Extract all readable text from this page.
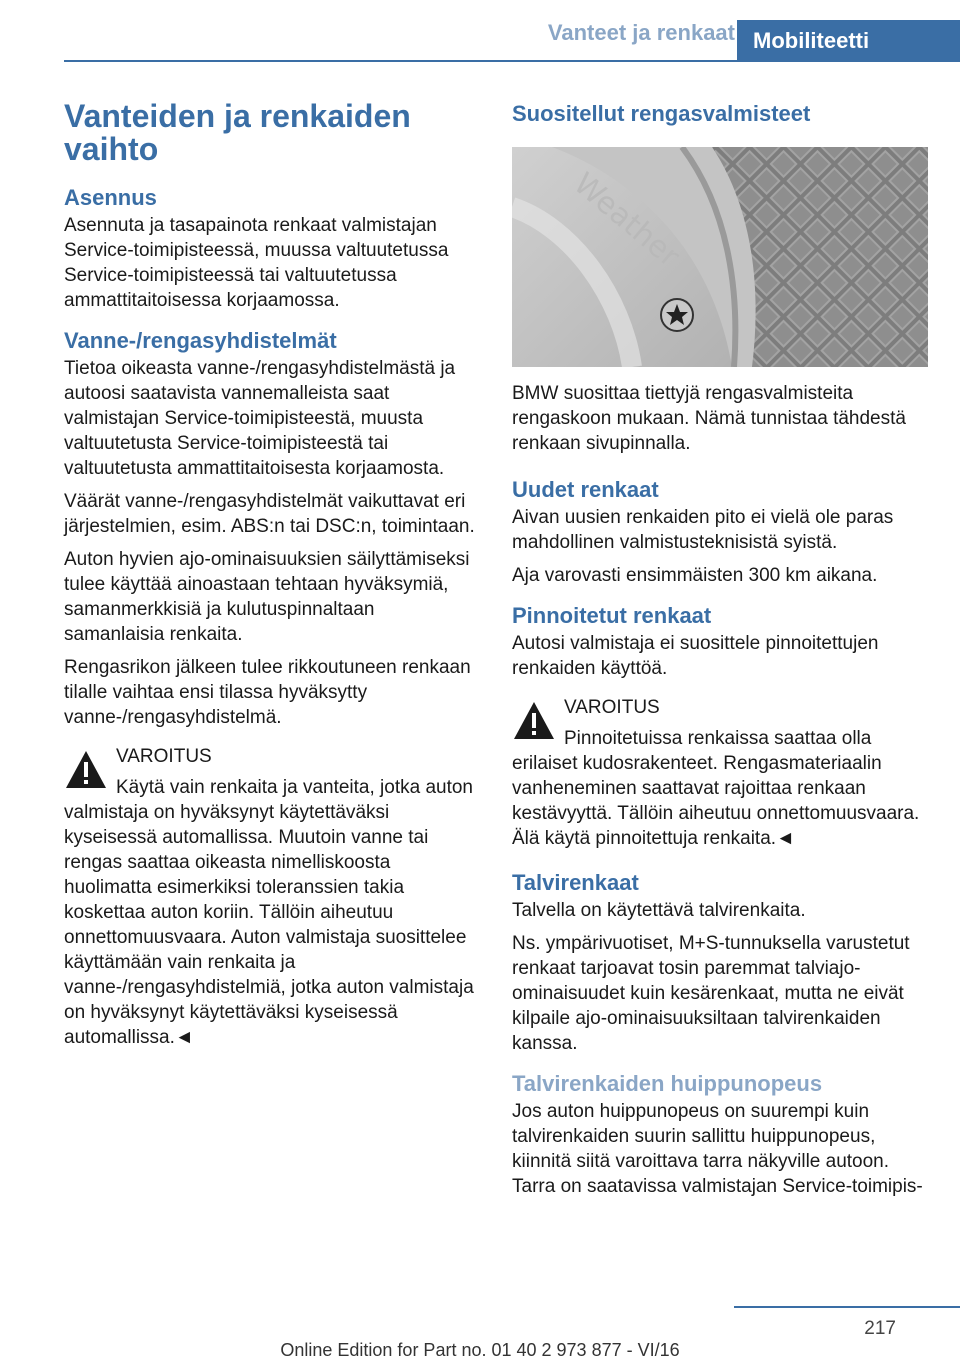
Vanteet ja renkaat Mobiliteetti
Vanteiden ja renkaiden vaihto
Asennus

Asennuta ja tasapainota renkaat valmistajan Service-toimipisteessä, muussa valtuutetussa Service-toimipisteessä tai valtuutetussa ammattitaitoisessa korjaamossa.

Vanne-/rengasyhdistelmät

Tietoa oikeasta vanne-/rengasyhdistelmästä ja autoosi saatavista vannemalleista saat valmistajan Service-toimipisteestä, muusta valtuutetusta Service-toimipisteestä tai valtuutetusta ammattitaitoisesta korjaamosta.

Väärät vanne-/rengasyhdistelmät vaikuttavat eri järjestelmien, esim. ABS:n tai DSC:n, toimintaan.

Auton hyvien ajo-ominaisuuksien säilyttämiseksi tulee käyttää ainoastaan tehtaan hyväksymiä, samanmerkkisiä ja kulutuspinnaltaan samanlaisia renkaita.

Rengasrikon jälkeen tulee rikkoutuneen renkaan tilalle vaihtaa ensi tilassa hyväksytty vanne-/rengasyhdistelmä.

VAROITUS

Käytä vain renkaita ja vanteita, jotka auton valmistaja on hyväksynyt käytettäväksi kyseisessä automallissa. Muutoin vanne tai rengas saattaa oikeasta nimelliskoosta huolimatta esimerkiksi toleranssien takia koskettaa auton koriin. Tällöin aiheutuu onnettomuusvaara. Auton valmistaja suosittelee käyttämään vain renkaita ja vanne-/rengasyhdistelmiä, jotka auton valmistaja on hyväksynyt käytettäväksi kyseisessä automallissa.◄

Suositellut rengasvalmisteet
Weather

BMW suosittaa tiettyjä rengasvalmisteita rengaskoon mukaan. Nämä tunnistaa tähdestä renkaan sivupinnalla.

Uudet renkaat

Aivan uusien renkaiden pito ei vielä ole paras mahdollinen valmistusteknisistä syistä.

Aja varovasti ensimmäisten 300 km aikana.

Pinnoitetut renkaat

Autosi valmistaja ei suosittele pinnoitettujen renkaiden käyttöä.

VAROITUS

Pinnoitetuissa renkaissa saattaa olla erilaiset kudosrakenteet. Rengasmateriaalin vanheneminen saattavat rajoittaa renkaan kestävyyttä. Tällöin aiheutuu onnettomuusvaara. Älä käytä pinnoitettuja renkaita.◄

Talvirenkaat

Talvella on käytettävä talvirenkaita.

Ns. ympärivuotiset, M+S-tunnuksella varustetut renkaat tarjoavat tosin paremmat talviajo-ominaisuudet kuin kesärenkaat, mutta ne eivät kilpaile ajo-ominaisuuksiltaan talvirenkaiden kanssa.

Talvirenkaiden huippunopeus

Jos auton huippunopeus on suurempi kuin talvirenkaiden suurin sallittu huippunopeus, kiinnitä siitä varoittava tarra näkyville autoon. Tarra on saatavissa valmistajan Service-toimipis-

217
Online Edition for Part no. 01 40 2 973 877 - VI/16
